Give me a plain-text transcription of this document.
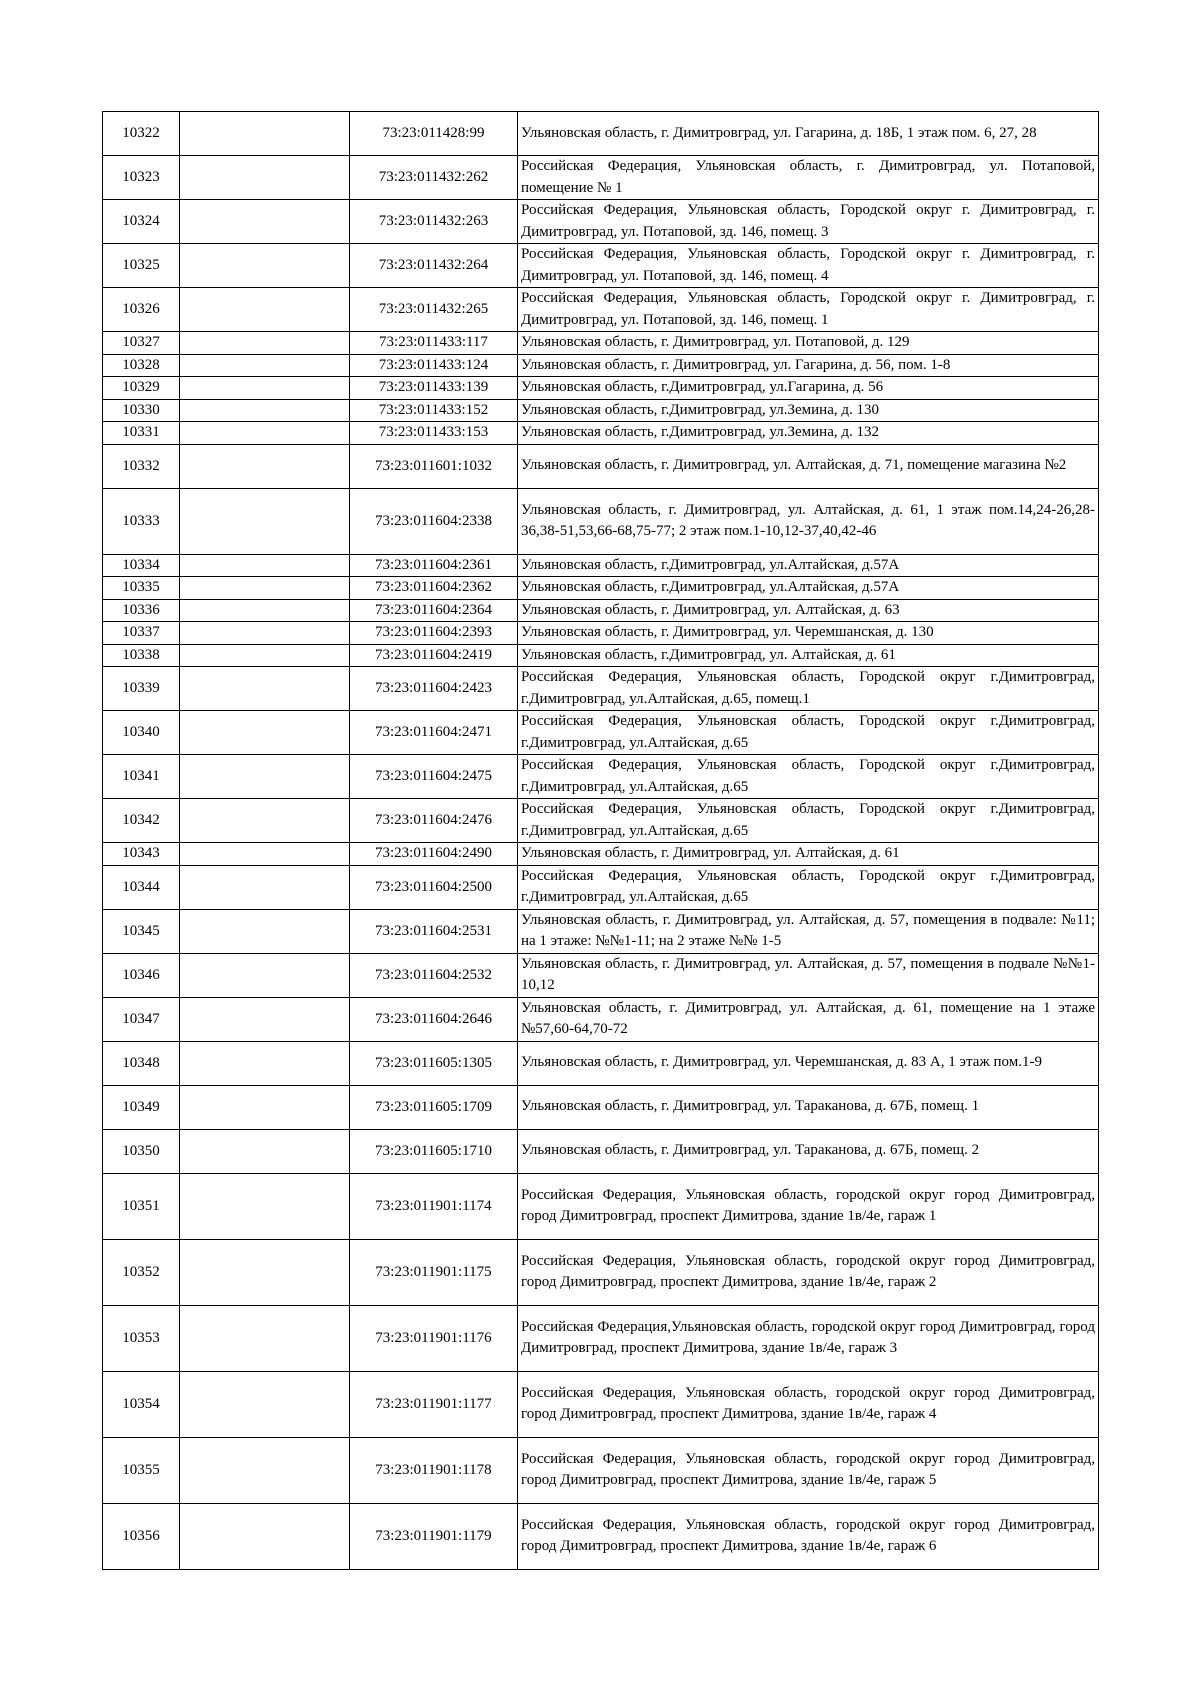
10322		73:23:011428:99	Ульяновская область, г. Димитровград, ул. Гагарина, д. 18Б, 1 этаж пом. 6, 27, 28
10323		73:23:011432:262	Российская Федерация, Ульяновская область, г. Димитровград, ул. Потаповой, помещение № 1
10324		73:23:011432:263	Российская Федерация, Ульяновская область, Городской округ г. Димитровград, г. Димитровград, ул. Потаповой, зд. 146, помещ. 3
10325		73:23:011432:264	Российская Федерация, Ульяновская область, Городской округ г. Димитровград, г. Димитровград, ул. Потаповой, зд. 146, помещ. 4
10326		73:23:011432:265	Российская Федерация, Ульяновская область, Городской округ г. Димитровград, г. Димитровград, ул. Потаповой, зд. 146, помещ. 1
10327		73:23:011433:117	Ульяновская область, г. Димитровград, ул. Потаповой, д. 129
10328		73:23:011433:124	Ульяновская область, г. Димитровград, ул. Гагарина, д. 56, пом. 1-8
10329		73:23:011433:139	Ульяновская область, г.Димитровград, ул.Гагарина, д. 56
10330		73:23:011433:152	Ульяновская область, г.Димитровград, ул.Земина, д. 130
10331		73:23:011433:153	Ульяновская область, г.Димитровград, ул.Земина, д. 132
10332		73:23:011601:1032	Ульяновская область, г. Димитровград, ул. Алтайская, д. 71, помещение магазина №2
10333		73:23:011604:2338	Ульяновская область, г. Димитровград, ул. Алтайская, д. 61, 1 этаж пом.14,24-26,28-36,38-51,53,66-68,75-77; 2 этаж пом.1-10,12-37,40,42-46
10334		73:23:011604:2361	Ульяновская область, г.Димитровград, ул.Алтайская, д.57А
10335		73:23:011604:2362	Ульяновская область, г.Димитровград, ул.Алтайская, д.57А
10336		73:23:011604:2364	Ульяновская область, г. Димитровград, ул. Алтайская, д. 63
10337		73:23:011604:2393	Ульяновская область, г. Димитровград, ул. Черемшанская, д. 130
10338		73:23:011604:2419	Ульяновская область, г.Димитровград, ул. Алтайская, д. 61
10339		73:23:011604:2423	Российская Федерация, Ульяновская область, Городской округ г.Димитровград, г.Димитровград, ул.Алтайская, д.65, помещ.1
10340		73:23:011604:2471	Российская Федерация, Ульяновская область, Городской округ г.Димитровград, г.Димитровград, ул.Алтайская, д.65
10341		73:23:011604:2475	Российская Федерация, Ульяновская область, Городской округ г.Димитровград, г.Димитровград, ул.Алтайская, д.65
10342		73:23:011604:2476	Российская Федерация, Ульяновская область, Городской округ г.Димитровград, г.Димитровград, ул.Алтайская, д.65
10343		73:23:011604:2490	Ульяновская область, г. Димитровград, ул. Алтайская, д. 61
10344		73:23:011604:2500	Российская Федерация, Ульяновская область, Городской округ г.Димитровград, г.Димитровград, ул.Алтайская, д.65
10345		73:23:011604:2531	Ульяновская область, г. Димитровград, ул. Алтайская, д. 57, помещения в подвале: №11; на 1 этаже: №№1-11; на 2 этаже №№ 1-5
10346		73:23:011604:2532	Ульяновская область, г. Димитровград, ул. Алтайская, д. 57, помещения в подвале №№1-10,12
10347		73:23:011604:2646	Ульяновская область, г. Димитровград, ул. Алтайская, д. 61, помещение на 1 этаже №57,60-64,70-72
10348		73:23:011605:1305	Ульяновская область, г. Димитровград, ул. Черемшанская, д. 83 А, 1 этаж пом.1-9
10349		73:23:011605:1709	Ульяновская область, г. Димитровград, ул. Тараканова, д. 67Б, помещ. 1
10350		73:23:011605:1710	Ульяновская область, г. Димитровград, ул. Тараканова, д. 67Б, помещ. 2
10351		73:23:011901:1174	Российская Федерация, Ульяновская область, городской округ город Димитровград, город Димитровград, проспект Димитрова, здание 1в/4е, гараж 1
10352		73:23:011901:1175	Российская Федерация, Ульяновская область, городской округ город Димитровград, город Димитровград, проспект Димитрова, здание 1в/4е, гараж 2
10353		73:23:011901:1176	Российская Федерация,Ульяновская область, городской округ город Димитровград, город Димитровград, проспект Димитрова, здание 1в/4е, гараж 3
10354		73:23:011901:1177	Российская Федерация, Ульяновская область, городской округ город Димитровград, город Димитровград, проспект Димитрова, здание 1в/4е, гараж 4
10355		73:23:011901:1178	Российская Федерация, Ульяновская область, городской округ город Димитровград, город Димитровград, проспект Димитрова, здание 1в/4е, гараж 5
10356		73:23:011901:1179	Российская Федерация, Ульяновская область, городской округ город Димитровград, город Димитровград, проспект Димитрова, здание 1в/4е, гараж 6
